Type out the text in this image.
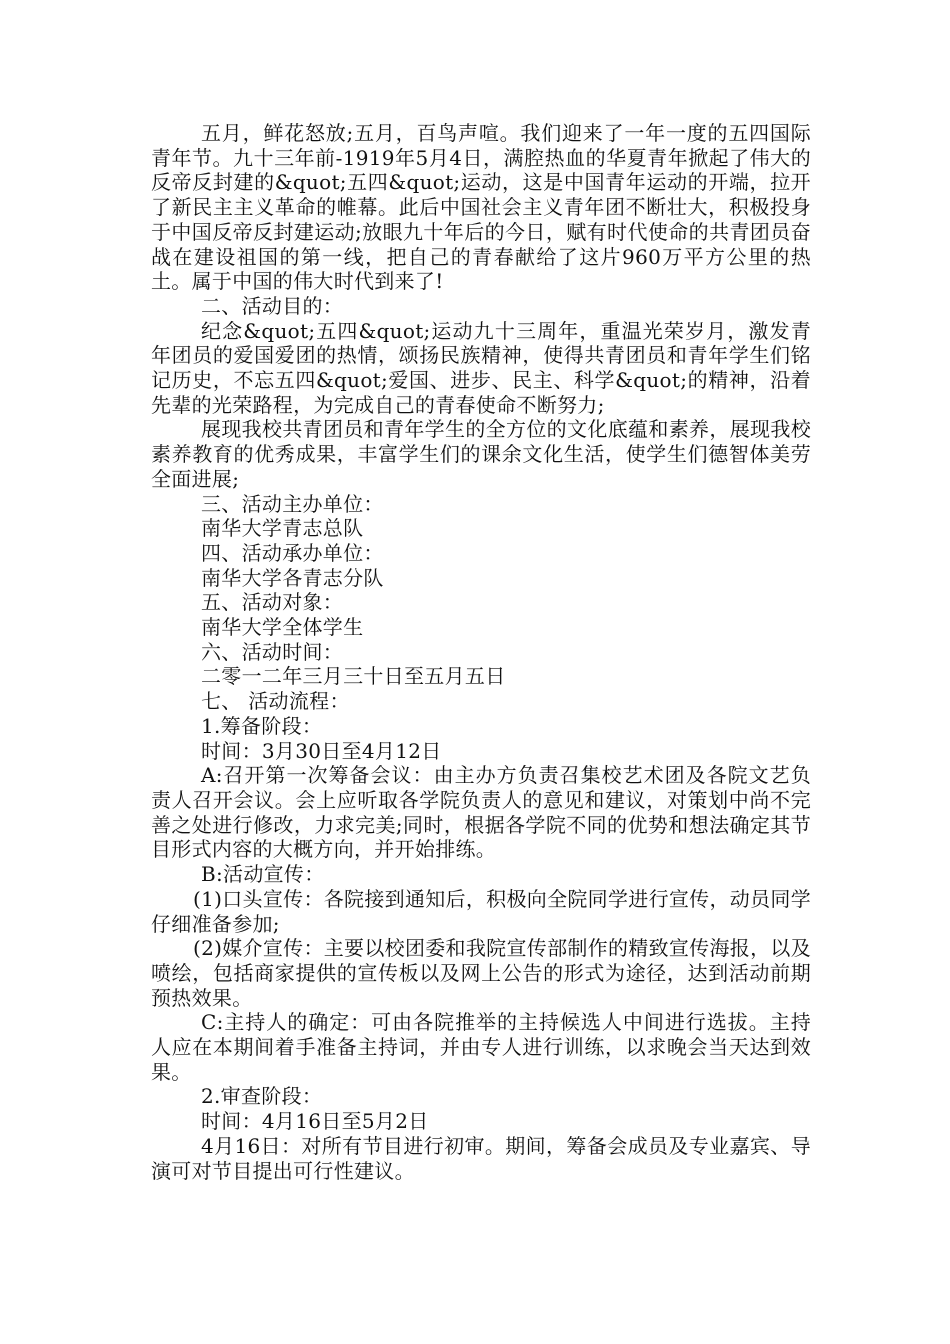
五月，鲜花怒放;五月，百鸟声喧。我们迎来了一年一度的五四国际青年节。九十三年前-1919年5月4日，满腔热血的华夏青年掀起了伟大的反帝反封建的&quot;五四&quot;运动，这是中国青年运动的开端，拉开了新民主主义革命的帷幕。此后中国社会主义青年团不断壮大，积极投身于中国反帝反封建运动;放眼九十年后的今日，赋有时代使命的共青团员奋战在建设祖国的第一线，把自己的青春献给了这片960万平方公里的热土。属于中国的伟大时代到来了!

二、活动目的：

纪念&quot;五四&quot;运动九十三周年，重温光荣岁月，激发青年团员的爱国爱团的热情，颂扬民族精神，使得共青团员和青年学生们铭记历史，不忘五四&quot;爱国、进步、民主、科学&quot;的精神，沿着先辈的光荣路程，为完成自己的青春使命不断努力;

展现我校共青团员和青年学生的全方位的文化底蕴和素养，展现我校素养教育的优秀成果，丰富学生们的课余文化生活，使学生们德智体美劳全面进展;

三、活动主办单位：

南华大学青志总队

四、活动承办单位：

南华大学各青志分队

五、活动对象：

南华大学全体学生

六、活动时间：

二零一二年三月三十日至五月五日

七、 活动流程：

1.筹备阶段：

时间：3月30日至4月12日

A:召开第一次筹备会议：由主办方负责召集校艺术团及各院文艺负责人召开会议。会上应听取各学院负责人的意见和建议，对策划中尚不完善之处进行修改，力求完美;同时，根据各学院不同的优势和想法确定其节目形式内容的大概方向，并开始排练。

B:活动宣传：

(1)口头宣传：各院接到通知后，积极向全院同学进行宣传，动员同学仔细准备参加;

(2)媒介宣传：主要以校团委和我院宣传部制作的精致宣传海报，以及喷绘，包括商家提供的宣传板以及网上公告的形式为途径，达到活动前期预热效果。

C:主持人的确定：可由各院推举的主持候选人中间进行选拔。主持人应在本期间着手准备主持词，并由专人进行训练，以求晚会当天达到效果。

2.审查阶段：

时间：4月16日至5月2日

4月16日：对所有节目进行初审。期间，筹备会成员及专业嘉宾、导演可对节目提出可行性建议。
